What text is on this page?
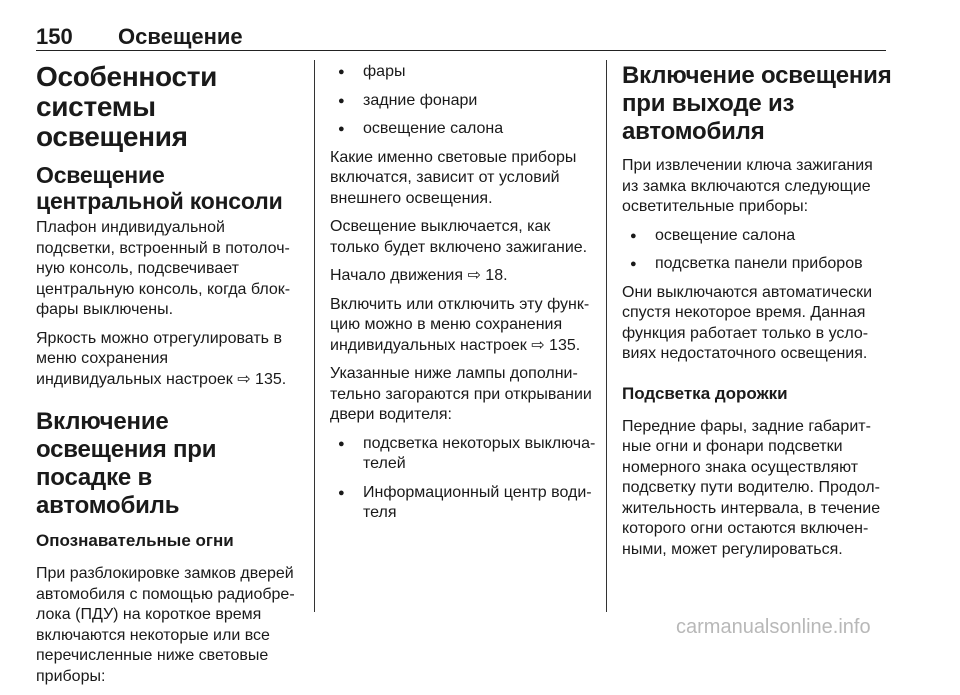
150 Освещение
Особенности системы освещения
Освещение центральной консоли

Плафон индивидуальной подсветки, встроенный в потолоч-ную консоль, подсвечивает центральную консоль, когда блок-фары выключены.

Яркость можно отрегулировать в меню сохранения индивидуальных настроек ⇨ 135.

Включение освещения при посадке в автомобиль
Опознавательные огни

При разблокировке замков дверей автомобиля с помощью радиобре-лока (ПДУ) на короткое время включаются некоторые или все перечисленные ниже световые приборы:

● фары
● задние фонари
● освещение салона

Какие именно световые приборы включатся, зависит от условий внешнего освещения.

Освещение выключается, как только будет включено зажигание.

Начало движения ⇨ 18.

Включить или отключить эту функ-цию можно в меню сохранения индивидуальных настроек ⇨ 135.

Указанные ниже лампы дополни-тельно загораются при открывании двери водителя:

● подсветка некоторых выключа-телей
● Информационный центр води-теля
Включение освещения при выходе из автомобиля

При извлечении ключа зажигания из замка включаются следующие осветительные приборы:

● освещение салона
● подсветка панели приборов

Они выключаются автоматически спустя некоторое время. Данная функция работает только в усло-виях недостаточного освещения.

Подсветка дорожки

Передние фары, задние габарит-ные огни и фонари подсветки номерного знака осуществляют подсветку пути водителю. Продол-жительность интервала, в течение которого огни остаются включен-ными, может регулироваться.

carmanualsonline.info
